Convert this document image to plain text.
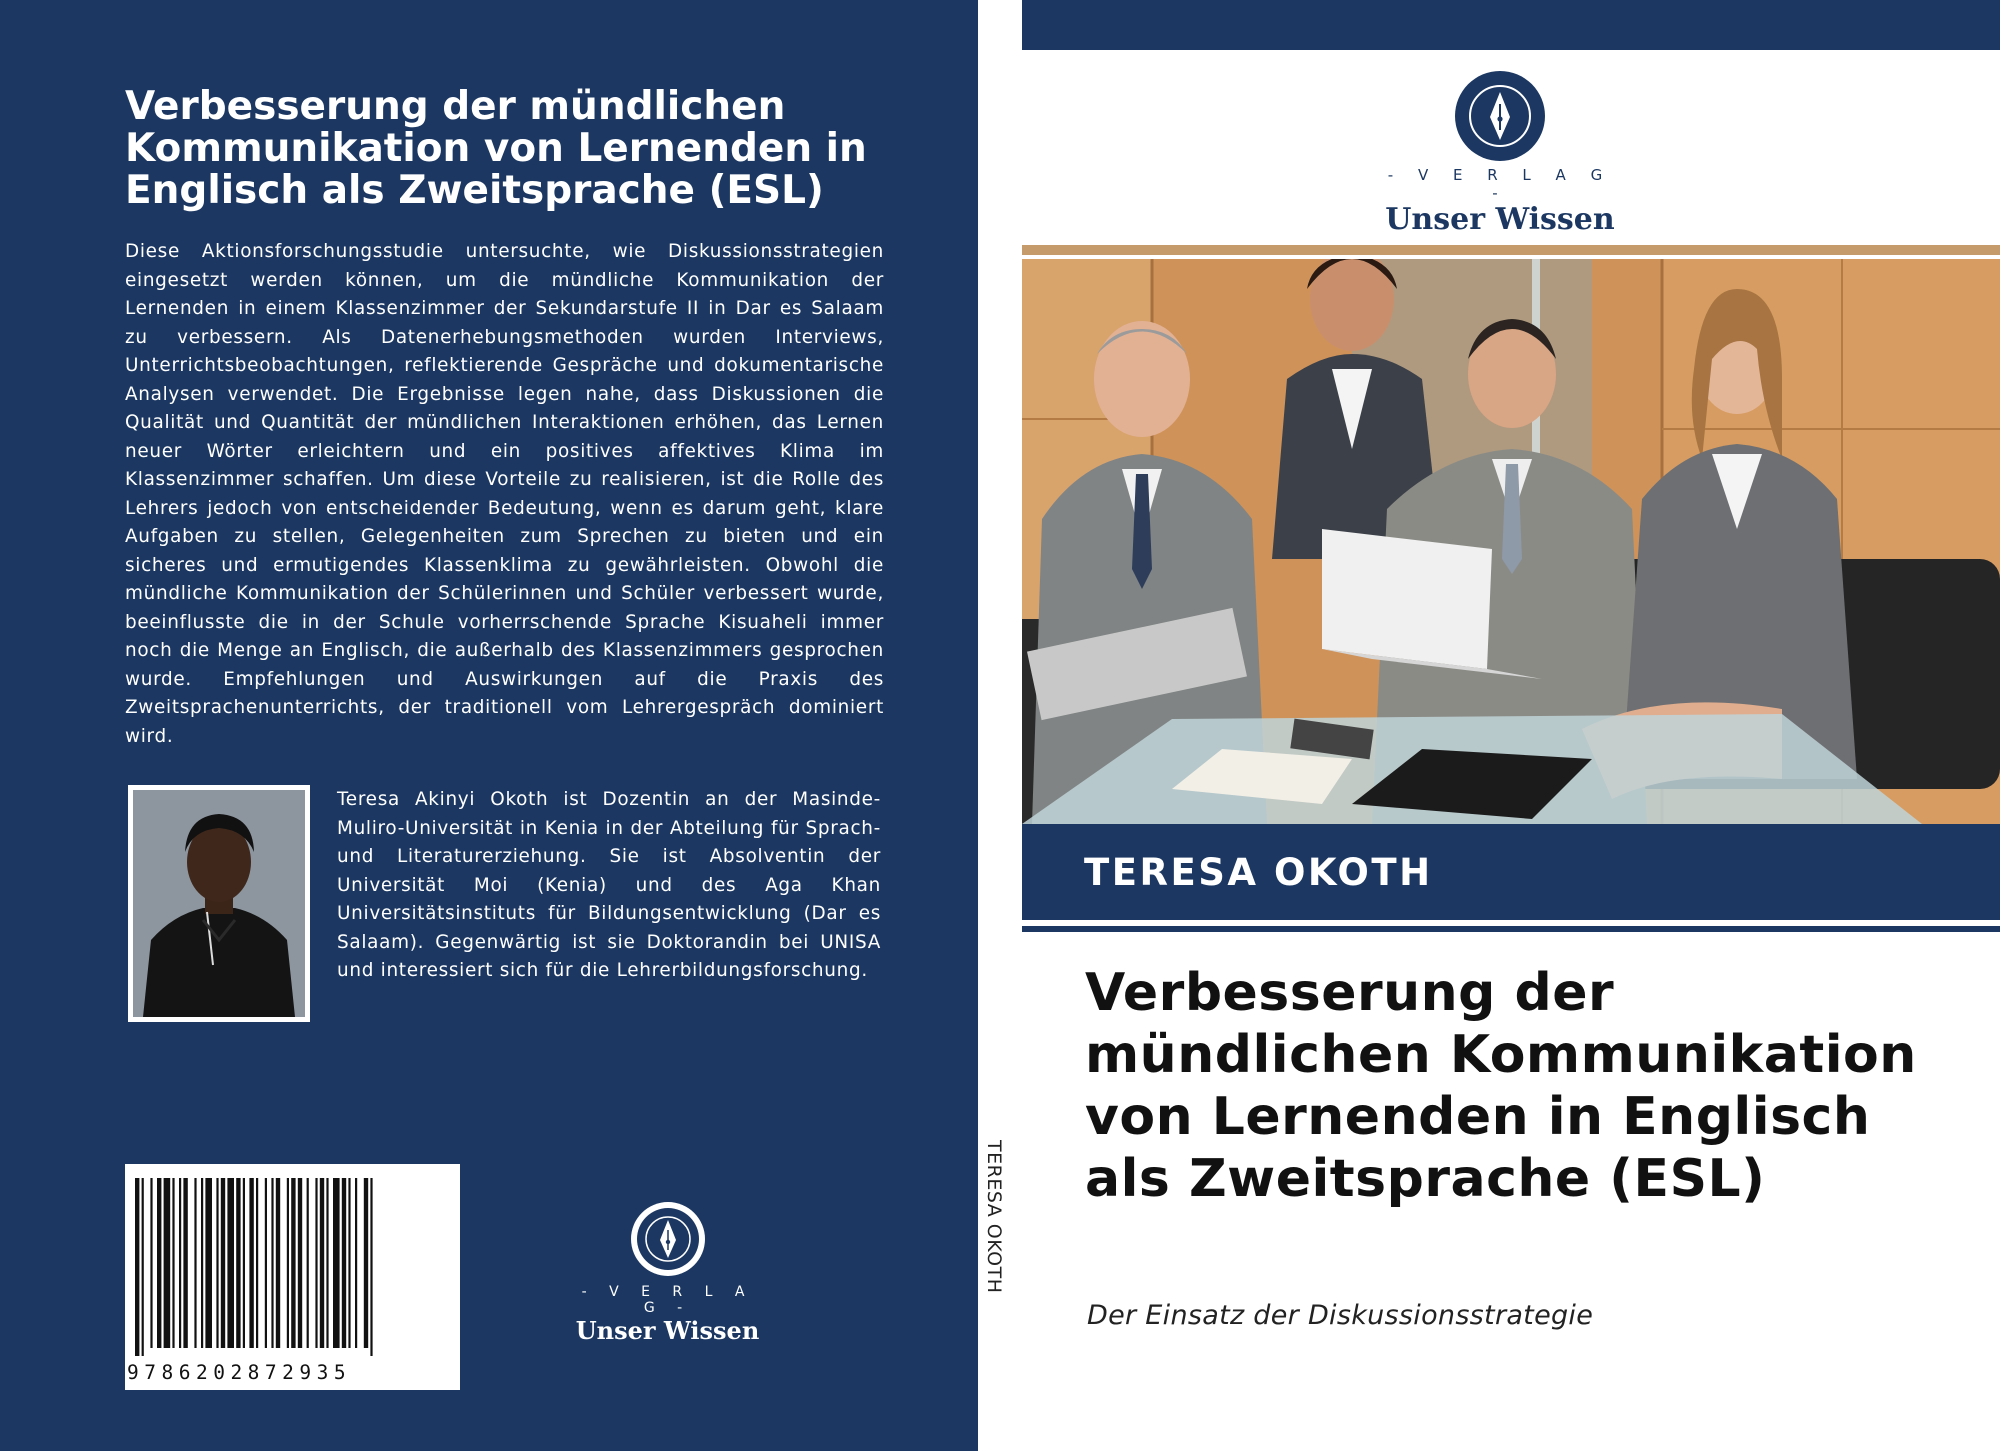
Verbesserung der mündlichen Kommunikation von Lernenden in Englisch als Zweitsprache (ESL)
Diese Aktionsforschungsstudie untersuchte, wie Diskussionsstrategien eingesetzt werden können, um die mündliche Kommunikation der Lernenden in einem Klassenzimmer der Sekundarstufe II in Dar es Salaam zu verbessern. Als Datenerhebungsmethoden wurden Interviews, Unterrichtsbeobachtungen, reflektierende Gespräche und dokumentarische Analysen verwendet. Die Ergebnisse legen nahe, dass Diskussionen die Qualität und Quantität der mündlichen Interaktionen erhöhen, das Lernen neuer Wörter erleichtern und ein positives affektives Klima im Klassenzimmer schaffen. Um diese Vorteile zu realisieren, ist die Rolle des Lehrers jedoch von entscheidender Bedeutung, wenn es darum geht, klare Aufgaben zu stellen, Gelegenheiten zum Sprechen zu bieten und ein sicheres und ermutigendes Klassenklima zu gewährleisten. Obwohl die mündliche Kommunikation der Schülerinnen und Schüler verbessert wurde, beeinflusste die in der Schule vorherrschende Sprache Kisuaheli immer noch die Menge an Englisch, die außerhalb des Klassenzimmers gesprochen wurde. Empfehlungen und Auswirkungen auf die Praxis des Zweitsprachenunterrichts, der traditionell vom Lehrergespräch dominiert wird.
Teresa Akinyi Okoth ist Dozentin an der Masinde-Muliro-Universität in Kenia in der Abteilung für Sprach- und Literaturerziehung. Sie ist Absolventin der Universität Moi (Kenia) und des Aga Khan Universitätsinstituts für Bildungsentwicklung (Dar es Salaam). Gegenwärtig ist sie Doktorandin bei UNISA und interessiert sich für die Lehrerbildungsforschung.
9786202872935
- V E R L A G -
Unser Wissen
TERESA OKOTH
- V E R L A G -
Unser Wissen
TERESA OKOTH
Verbesserung der mündlichen Kommunikation von Lernenden in Englisch als Zweitsprache (ESL)
Der Einsatz der Diskussionsstrategie
